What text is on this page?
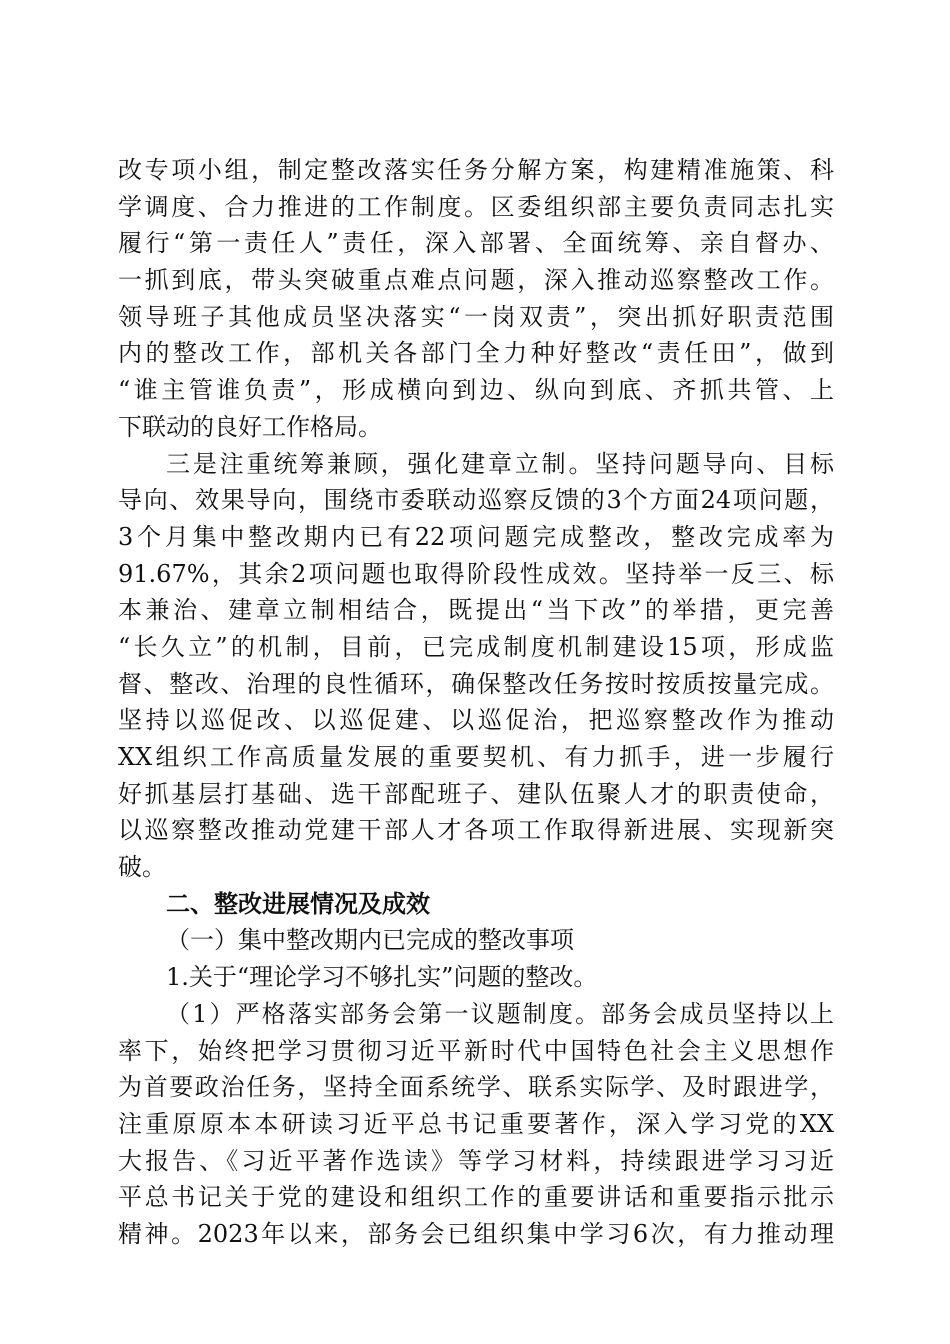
改专项小组，制定整改落实任务分解方案，构建精准施策、科
学调度、合力推进的工作制度。区委组织部主要负责同志扎实
履行“第一责任人”责任，深入部署、全面统筹、亲自督办、
一抓到底，带头突破重点难点问题，深入推动巡察整改工作。
领导班子其他成员坚决落实“一岗双责”，突出抓好职责范围
内的整改工作，部机关各部门全力种好整改“责任田”，做到
“谁主管谁负责”，形成横向到边、纵向到底、齐抓共管、上
下联动的良好工作格局。
三是注重统筹兼顾，强化建章立制。坚持问题导向、目标
导向、效果导向，围绕市委联动巡察反馈的3个方面24项问题，
3个月集中整改期内已有22项问题完成整改，整改完成率为
91.67%，其余2项问题也取得阶段性成效。坚持举一反三、标
本兼治、建章立制相结合，既提出“当下改”的举措，更完善
“长久立”的机制，目前，已完成制度机制建设15项，形成监
督、整改、治理的良性循环，确保整改任务按时按质按量完成。
坚持以巡促改、以巡促建、以巡促治，把巡察整改作为推动
XX组织工作高质量发展的重要契机、有力抓手，进一步履行
好抓基层打基础、选干部配班子、建队伍聚人才的职责使命，
以巡察整改推动党建干部人才各项工作取得新进展、实现新突
破。
二、整改进展情况及成效
（一）集中整改期内已完成的整改事项
1.关于“理论学习不够扎实”问题的整改。
（1）严格落实部务会第一议题制度。部务会成员坚持以上
率下，始终把学习贯彻习近平新时代中国特色社会主义思想作
为首要政治任务，坚持全面系统学、联系实际学、及时跟进学，
注重原原本本研读习近平总书记重要著作，深入学习党的XX
大报告、《习近平著作选读》等学习材料，持续跟进学习习近
平总书记关于党的建设和组织工作的重要讲话和重要指示批示
精神。2023年以来，部务会已组织集中学习6次，有力推动理
